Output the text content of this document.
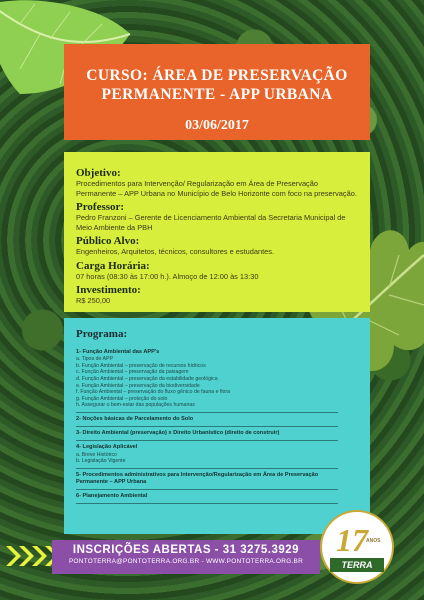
CURSO: ÁREA DE PRESERVAÇÃO
PERMANENTE - APP URBANA
03/06/2017
Objetivo:
Procedimentos para Intervenção/ Regularização em Área de Preservação Permanente – APP Urbana no Município de Belo Horizonte com foco na preservação.
Professor:
Pedro Franzoni – Gerente de Licenciamento Ambiental da Secretaria Municipal de Meio Ambiente da PBH
Público Alvo:
Engenheiros, Arquitetos, técnicos, consultores e estudantes.
Carga Horária:
07 horas (08:30 às 17:00 h.). Almoço de 12:00 às 13:30
Investimento:
R$ 250,00
Programa:
1- Função Ambiental das APP's
a. Tipos de APP
b. Função Ambiental – preservação de recursos hídricos
c. Função Ambiental – preservação da paisagem
d. Função Ambiental – preservação da estabilidade geológica
e. Função Ambiental – preservação da biodiversidade
f. Função Ambiental – preservação do fluxo gênico de fauna e flora
g. Função Ambiental – proteção do solo
h. Assegurar o bem-estar das populações humanas
2- Noções básicas de Parcelamento do Solo
3- Direito Ambiental (preservação) x Direito Urbanístico (direito de construir)
4- Legislação Aplicável
a. Breve Histórico
b. Legislação Vigente
5- Procedimentos administrativos para Intervenção/Regularização em Área de Preservação Permanente – APP Urbana
6- Planejamento Ambiental
INSCRIÇÕES ABERTAS - 31 3275.3929
PONTOTERRA@PONTOTERRA.ORG.BR - WWW.PONTOTERRA.ORG.BR
17
ANOS
TERRA
